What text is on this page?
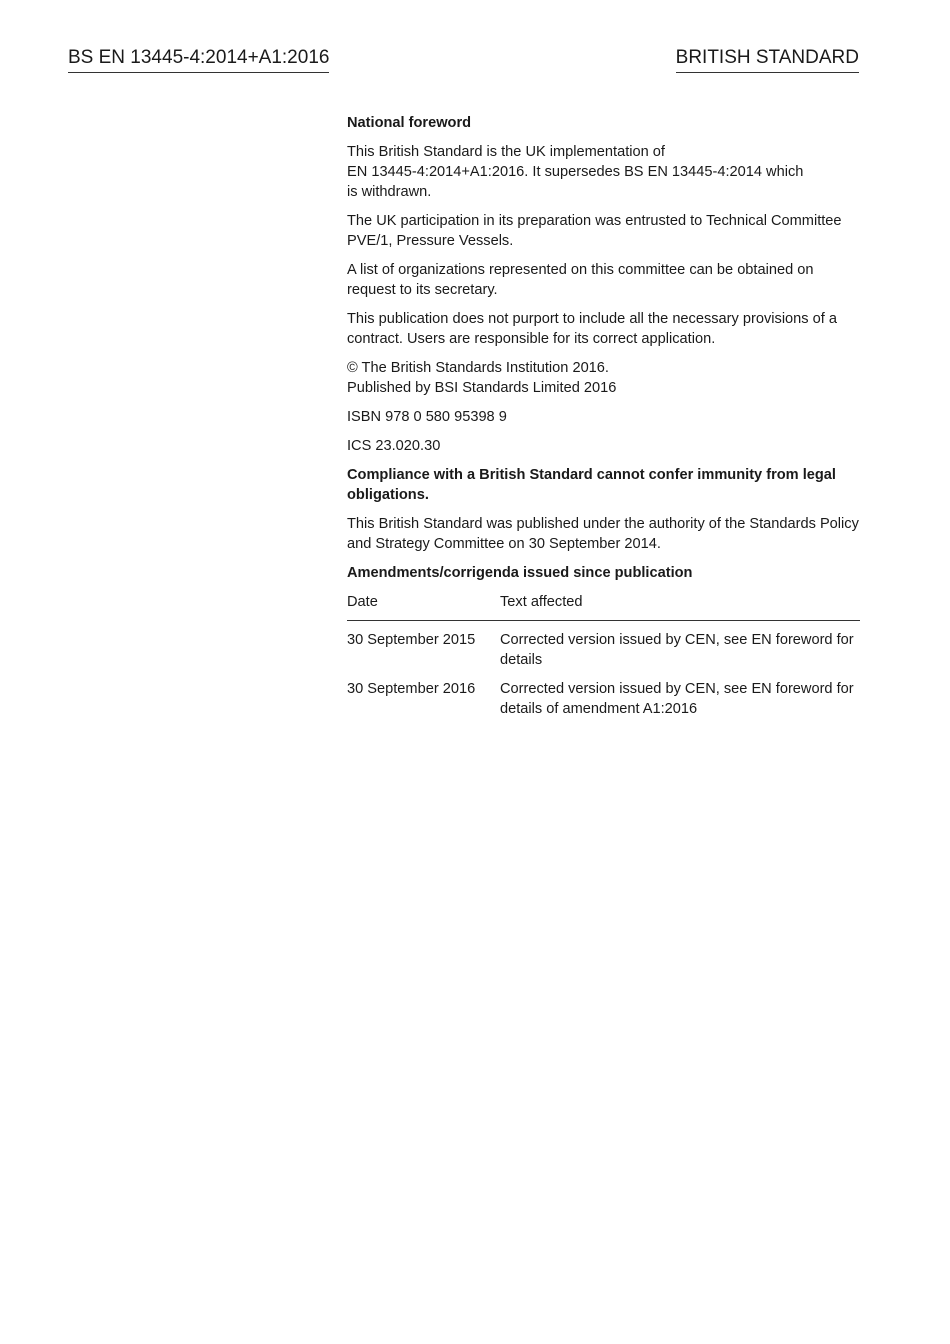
BS EN 13445-4:2014+A1:2016	BRITISH STANDARD

National foreword

This British Standard is the UK implementation of
EN 13445-4:2014+A1:2016. It supersedes BS EN 13445-4:2014 which
is withdrawn.

The UK participation in its preparation was entrusted to Technical Committee PVE/1, Pressure Vessels.

A list of organizations represented on this committee can be obtained on request to its secretary.

This publication does not purport to include all the necessary provisions of a contract. Users are responsible for its correct application.

© The British Standards Institution 2016.
Published by BSI Standards Limited 2016

ISBN 978 0 580 95398 9

ICS 23.020.30

Compliance with a British Standard cannot confer immunity from legal obligations.

This British Standard was published under the authority of the Standards Policy and Strategy Committee on 30 September 2014.

Amendments/corrigenda issued since publication

Date	Text affected
30 September 2015	Corrected version issued by CEN, see EN foreword for details
30 September 2016	Corrected version issued by CEN, see EN foreword for details of amendment A1:2016
